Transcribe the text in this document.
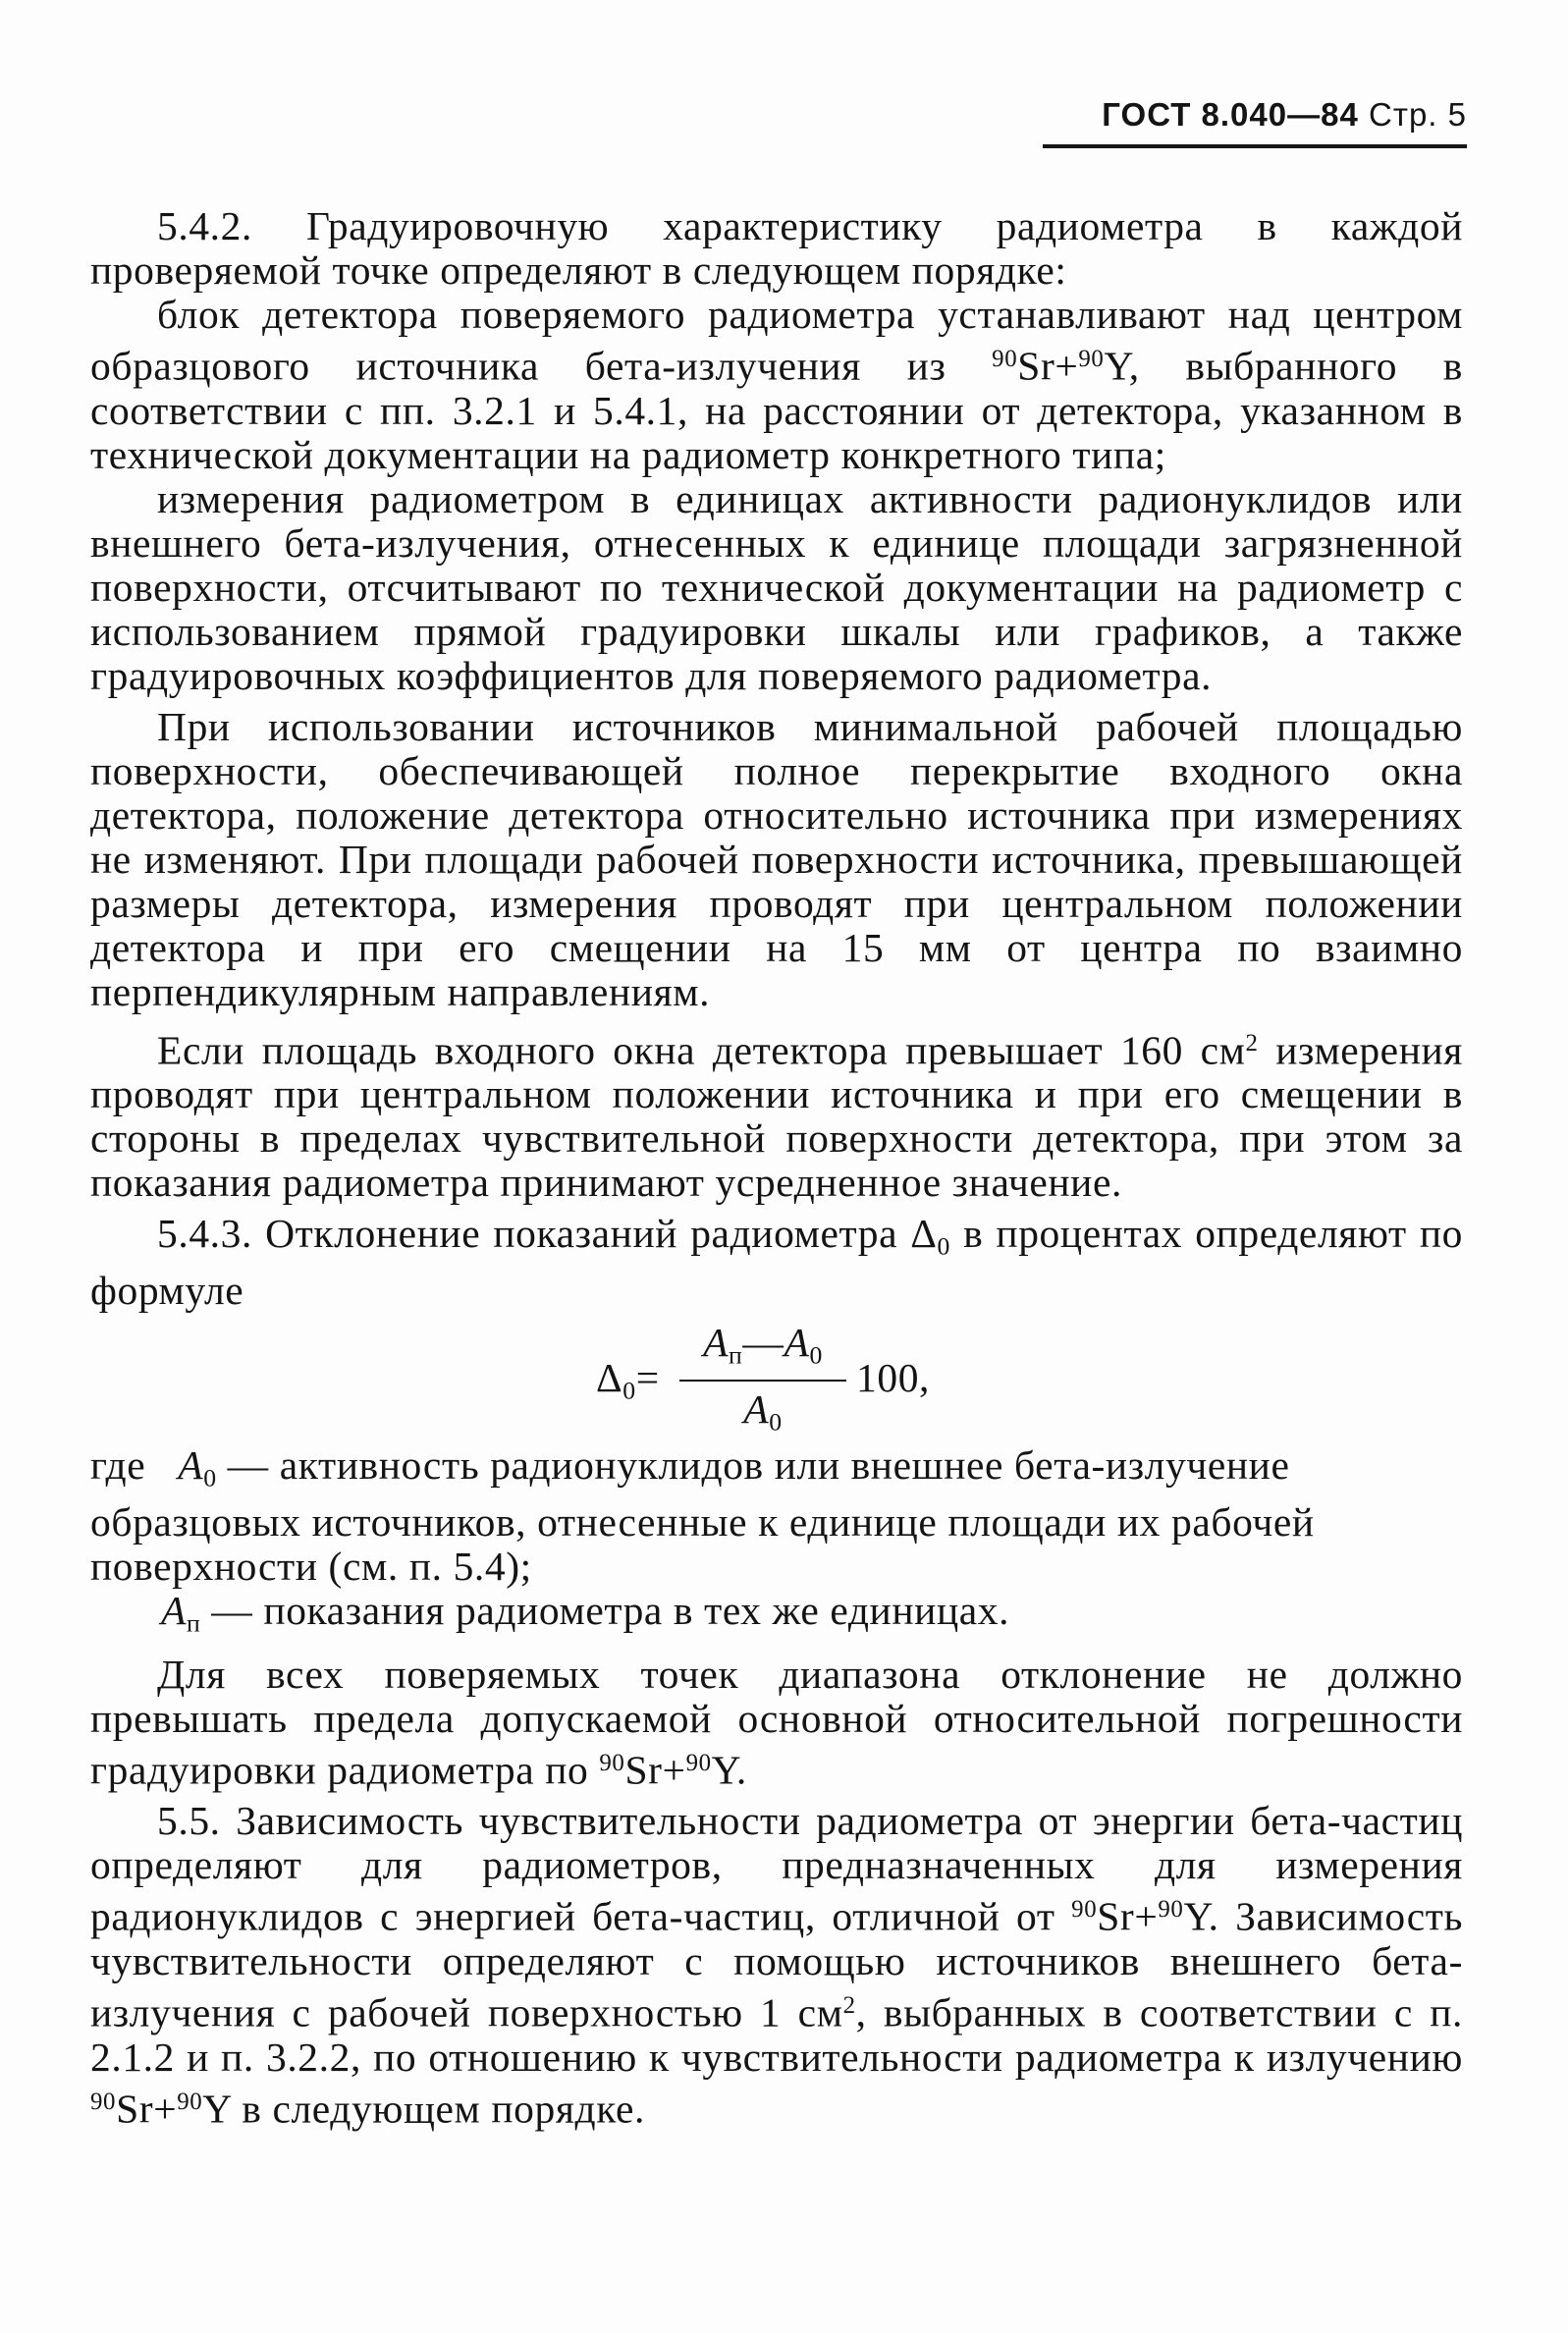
ГОСТ 8.040—84 Стр. 5

5.4.2. Градуировочную характеристику радиометра в каждой проверяемой точке определяют в следующем порядке:

блок детектора поверяемого радиометра устанавливают над центром образцового источника бета-излучения из $^{90}$Sr+$^{90}$Y, выбранного в соответствии с пп. 3.2.1 и 5.4.1, на расстоянии от детектора, указанном в технической документации на радиометр конкретного типа;

измерения радиометром в единицах активности радионуклидов или внешнего бета-излучения, отнесенных к единице площади загрязненной поверхности, отсчитывают по технической документации на радиометр с использованием прямой градуировки шкалы или графиков, а также градуировочных коэффициентов для поверяемого радиометра.

При использовании источников минимальной рабочей площадью поверхности, обеспечивающей полное перекрытие входного окна детектора, положение детектора относительно источника при измерениях не изменяют. При площади рабочей поверхности источника, превышающей размеры детектора, измерения проводят при центральном положении детектора и при его смещении на 15 мм от центра по взаимно перпендикулярным направлениям.

Если площадь входного окна детектора превышает 160 $см^2$ измерения проводят при центральном положении источника и при его смещении в стороны в пределах чувствительной поверхности детектора, при этом за показания радиометра принимают усредненное значение.

5.4.3. Отклонение показаний радиометра $\Delta_0$ в процентах определяют по формуле

$\Delta_0=$
$A_п—A_0$
$A_0$
100,
где $A_0$ — активность радионуклидов или внешнее бета-излучение образцовых источников, отнесенные к единице площади их рабочей поверхности (см. п. 5.4);
$A_п$ — показания радиометра в тех же единицах.

Для всех поверяемых точек диапазона отклонение не должно превышать предела допускаемой основной относительной погрешности градуировки радиометра по $^{90}$Sr+$^{90}$Y.

5.5. Зависимость чувствительности радиометра от энергии бета-частиц определяют для радиометров, предназначенных для измерения радионуклидов с энергией бета-частиц, отличной от $^{90}$Sr+$^{90}$Y. Зависимость чувствительности определяют с помощью источников внешнего бета-излучения с рабочей поверхностью 1 $см^2$, выбранных в соответствии с п. 2.1.2 и п. 3.2.2, по отношению к чувствительности радиометра к излучению $^{90}$Sr+$^{90}$Y в следующем порядке.
